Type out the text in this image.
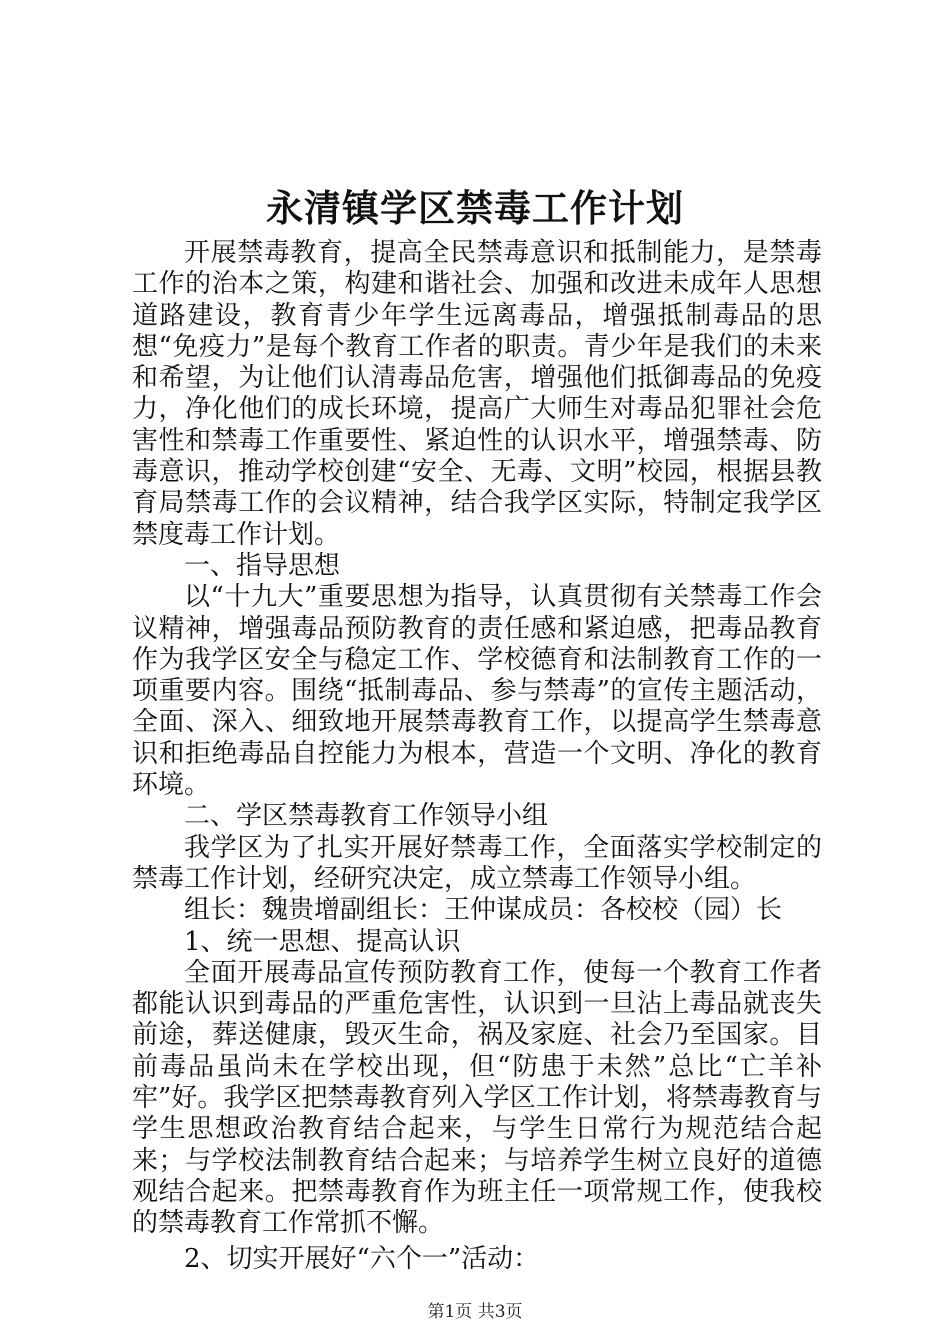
永清镇学区禁毒工作计划

开展禁毒教育，提高全民禁毒意识和抵制能力，是禁毒工作的治本之策，构建和谐社会、加强和改进未成年人思想道路建设，教育青少年学生远离毒品，增强抵制毒品的思想“免疫力”是每个教育工作者的职责。青少年是我们的未来和希望，为让他们认清毒品危害，增强他们抵御毒品的免疫力，净化他们的成长环境，提高广大师生对毒品犯罪社会危害性和禁毒工作重要性、紧迫性的认识水平，增强禁毒、防毒意识，推动学校创建“安全、无毒、文明”校园，根据县教育局禁毒工作的会议精神，结合我学区实际，特制定我学区禁度毒工作计划。

一、指导思想

以“十九大”重要思想为指导，认真贯彻有关禁毒工作会议精神，增强毒品预防教育的责任感和紧迫感，把毒品教育作为我学区安全与稳定工作、学校德育和法制教育工作的一项重要内容。围绕“抵制毒品、参与禁毒”的宣传主题活动，全面、深入、细致地开展禁毒教育工作，以提高学生禁毒意识和拒绝毒品自控能力为根本，营造一个文明、净化的教育环境。

二、学区禁毒教育工作领导小组

我学区为了扎实开展好禁毒工作，全面落实学校制定的禁毒工作计划，经研究决定，成立禁毒工作领导小组。

组长：魏贵增副组长：王仲谋成员：各校校（园）长

1、统一思想、提高认识

全面开展毒品宣传预防教育工作，使每一个教育工作者都能认识到毒品的严重危害性，认识到一旦沾上毒品就丧失前途，葬送健康，毁灭生命，祸及家庭、社会乃至国家。目前毒品虽尚未在学校出现，但“防患于未然”总比“亡羊补牢”好。我学区把禁毒教育列入学区工作计划，将禁毒教育与学生思想政治教育结合起来，与学生日常行为规范结合起来；与学校法制教育结合起来；与培养学生树立良好的道德观结合起来。把禁毒教育作为班主任一项常规工作，使我校的禁毒教育工作常抓不懈。

2、切实开展好“六个一”活动：

第1页 共3页
